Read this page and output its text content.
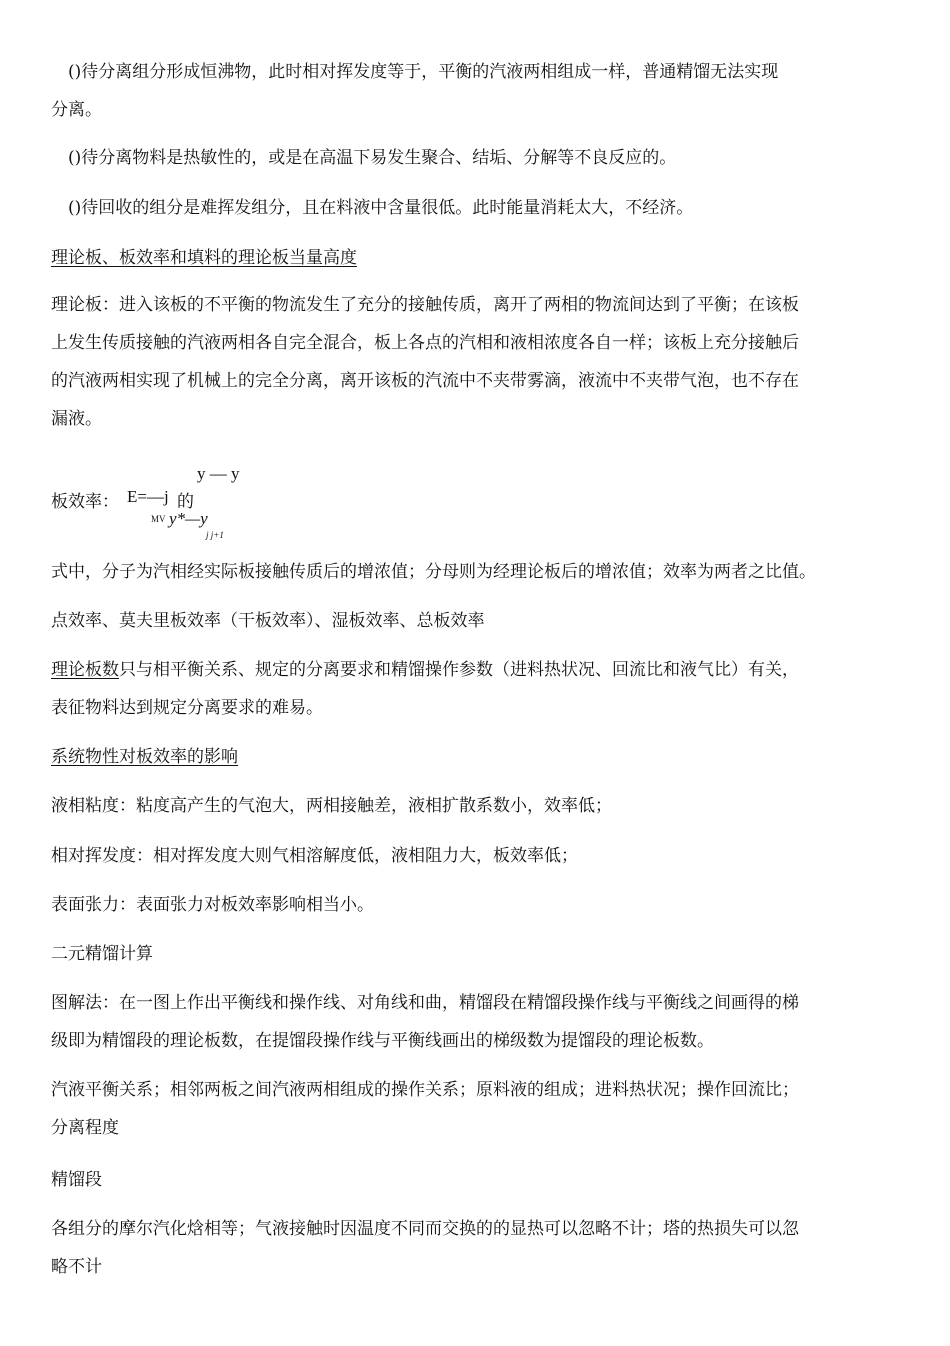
()待分离组分形成恒沸物，此时相对挥发度等于，平衡的汽液两相组成一样，普通精馏无法实现
分离。
()待分离物料是热敏性的，或是在高温下易发生聚合、结垢、分解等不良反应的。
()待回收的组分是难挥发组分，且在料液中含量很低。此时能量消耗太大，不经济。
理论板、板效率和填料的理论板当量高度
理论板：进入该板的不平衡的物流发生了充分的接触传质，离开了两相的物流间达到了平衡；在该板
上发生传质接触的汽液两相各自完全混合，板上各点的汽相和液相浓度各自一样；该板上充分接触后
的汽液两相实现了机械上的完全分离，离开该板的汽流中不夹带雾滴，液流中不夹带气泡，也不存在
漏液。
y — y
板效率： E=—j 的
MV y*—y
j j+1
式中，分子为汽相经实际板接触传质后的增浓值；分母则为经理论板后的增浓值；效率为两者之比值。
点效率、莫夫里板效率（干板效率）、湿板效率、总板效率
理论板数只与相平衡关系、规定的分离要求和精馏操作参数（进料热状况、回流比和液气比）有关，
表征物料达到规定分离要求的难易。
系统物性对板效率的影响
液相粘度：粘度高产生的气泡大，两相接触差，液相扩散系数小，效率低；
相对挥发度：相对挥发度大则气相溶解度低，液相阻力大，板效率低；
表面张力：表面张力对板效率影响相当小。
二元精馏计算
图解法：在一图上作出平衡线和操作线、对角线和曲，精馏段在精馏段操作线与平衡线之间画得的梯
级即为精馏段的理论板数，在提馏段操作线与平衡线画出的梯级数为提馏段的理论板数。
汽液平衡关系；相邻两板之间汽液两相组成的操作关系；原料液的组成；进料热状况；操作回流比；
分离程度
精馏段
各组分的摩尔汽化焓相等；气液接触时因温度不同而交换的的显热可以忽略不计；塔的热损失可以忽
略不计
